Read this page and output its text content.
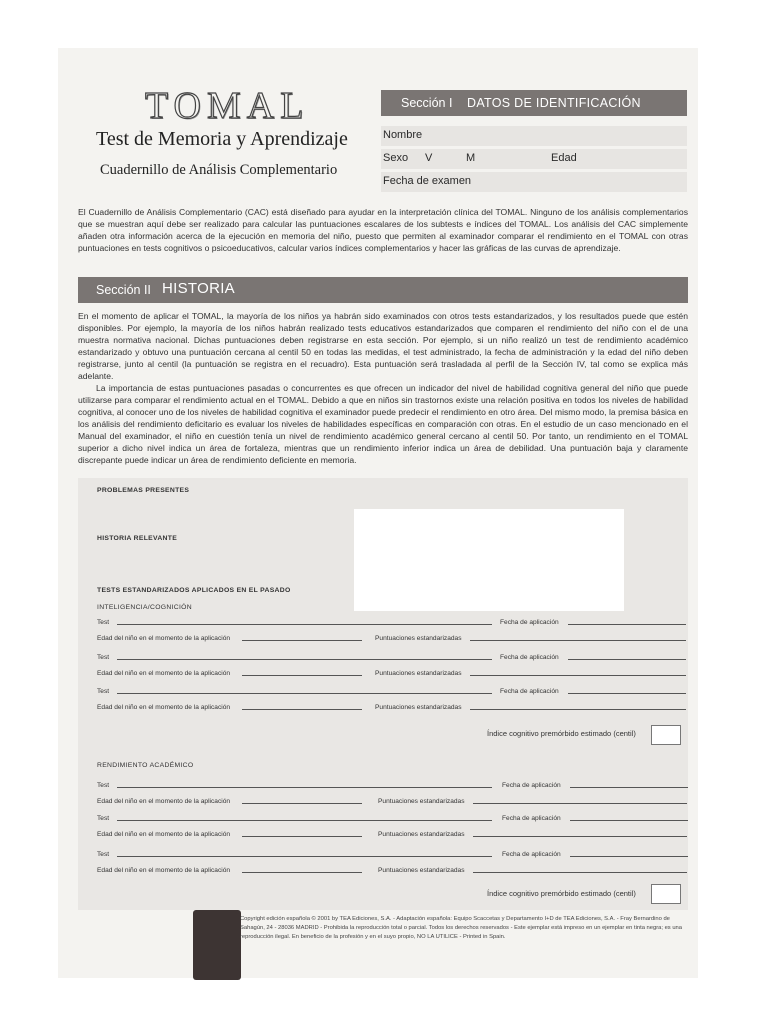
TOMAL
Test de Memoria y Aprendizaje
Cuadernillo de Análisis Complementario
Sección I DATOS DE IDENTIFICACIÓN
Nombre
Sexo V	M	Edad
Fecha de examen

El Cuadernillo de Análisis Complementario (CAC) está diseñado para ayudar en la interpretación clínica del TOMAL. Ninguno de los análisis complementarios que se muestran aquí debe ser realizado para calcular las puntuaciones escalares de los subtests e índices del TOMAL. Los análisis del CAC simplemente añaden otra información acerca de la ejecución en memoria del niño, puesto que permiten al examinador comparar el rendimiento en el TOMAL con otras puntuaciones en tests cognitivos o psicoeducativos, calcular varios índices complementarios y hacer las gráficas de las curvas de aprendizaje.

Sección II HISTORIA

En el momento de aplicar el TOMAL, la mayoría de los niños ya habrán sido examinados con otros tests estandarizados, y los resultados puede que estén disponibles. Por ejemplo, la mayoría de los niños habrán realizado tests educativos estandarizados que comparen el rendimiento del niño con el de una muestra normativa nacional. Dichas puntuaciones deben registrarse en esta sección. Por ejemplo, si un niño realizó un test de rendimiento académico estandarizado y obtuvo una puntuación cercana al centil 50 en todas las medidas, el test administrado, la fecha de administración y la edad del niño deben registrarse, junto al centil (la puntuación se registra en el recuadro). Esta puntuación será trasladada al perfil de la Sección IV, tal como se explica más adelante.

La importancia de estas puntuaciones pasadas o concurrentes es que ofrecen un indicador del nivel de habilidad cognitiva general del niño que puede utilizarse para comparar el rendimiento actual en el TOMAL. Debido a que en niños sin trastornos existe una relación positiva en todos los niveles de habilidad cognitiva, al conocer uno de los niveles de habilidad cognitiva el examinador puede predecir el rendimiento en otro área. Del mismo modo, la premisa básica en los análisis del rendimiento deficitario es evaluar los niveles de habilidades específicas en comparación con otras. En el estudio de un caso mencionado en el Manual del examinador, el niño en cuestión tenía un nivel de rendimiento académico general cercano al centil 50. Por tanto, un rendimiento en el TOMAL superior a dicho nivel indica un área de fortaleza, mientras que un rendimiento inferior indica un área de debilidad. Una puntuación baja y claramente discrepante puede indicar un área de rendimiento deficiente en memoria.

PROBLEMAS PRESENTES
HISTORIA RELEVANTE
TESTS ESTANDARIZADOS APLICADOS EN EL PASADO
INTELIGENCIA/COGNICIÓN
Test	Fecha de aplicación
Edad del niño en el momento de la aplicación	Puntuaciones estandarizadas
Test	Fecha de aplicación
Edad del niño en el momento de la aplicación	Puntuaciones estandarizadas
Test	Fecha de aplicación
Edad del niño en el momento de la aplicación	Puntuaciones estandarizadas
Índice cognitivo premórbido estimado (centil)
RENDIMIENTO ACADÉMICO
Test	Fecha de aplicación
Edad del niño en el momento de la aplicación	Puntuaciones estandarizadas
Test	Fecha de aplicación
Edad del niño en el momento de la aplicación	Puntuaciones estandarizadas
Test	Fecha de aplicación
Edad del niño en el momento de la aplicación	Puntuaciones estandarizadas
Índice cognitivo premórbido estimado (centil)

Copyright edición española © 2001 by TEA Ediciones, S.A. - Adaptación española: Equipo Scaccetas y Departamento I+D de TEA Ediciones, S.A. - Fray Bernardino de Sahagún, 24 - 28036 MADRID - Prohibida la reproducción total o parcial. Todos los derechos reservados - Este ejemplar está impreso en un ejemplar en tinta negra; es una reproducción ilegal. En beneficio de la profesión y en el suyo propio, NO LA UTILICE - Printed in Spain.
